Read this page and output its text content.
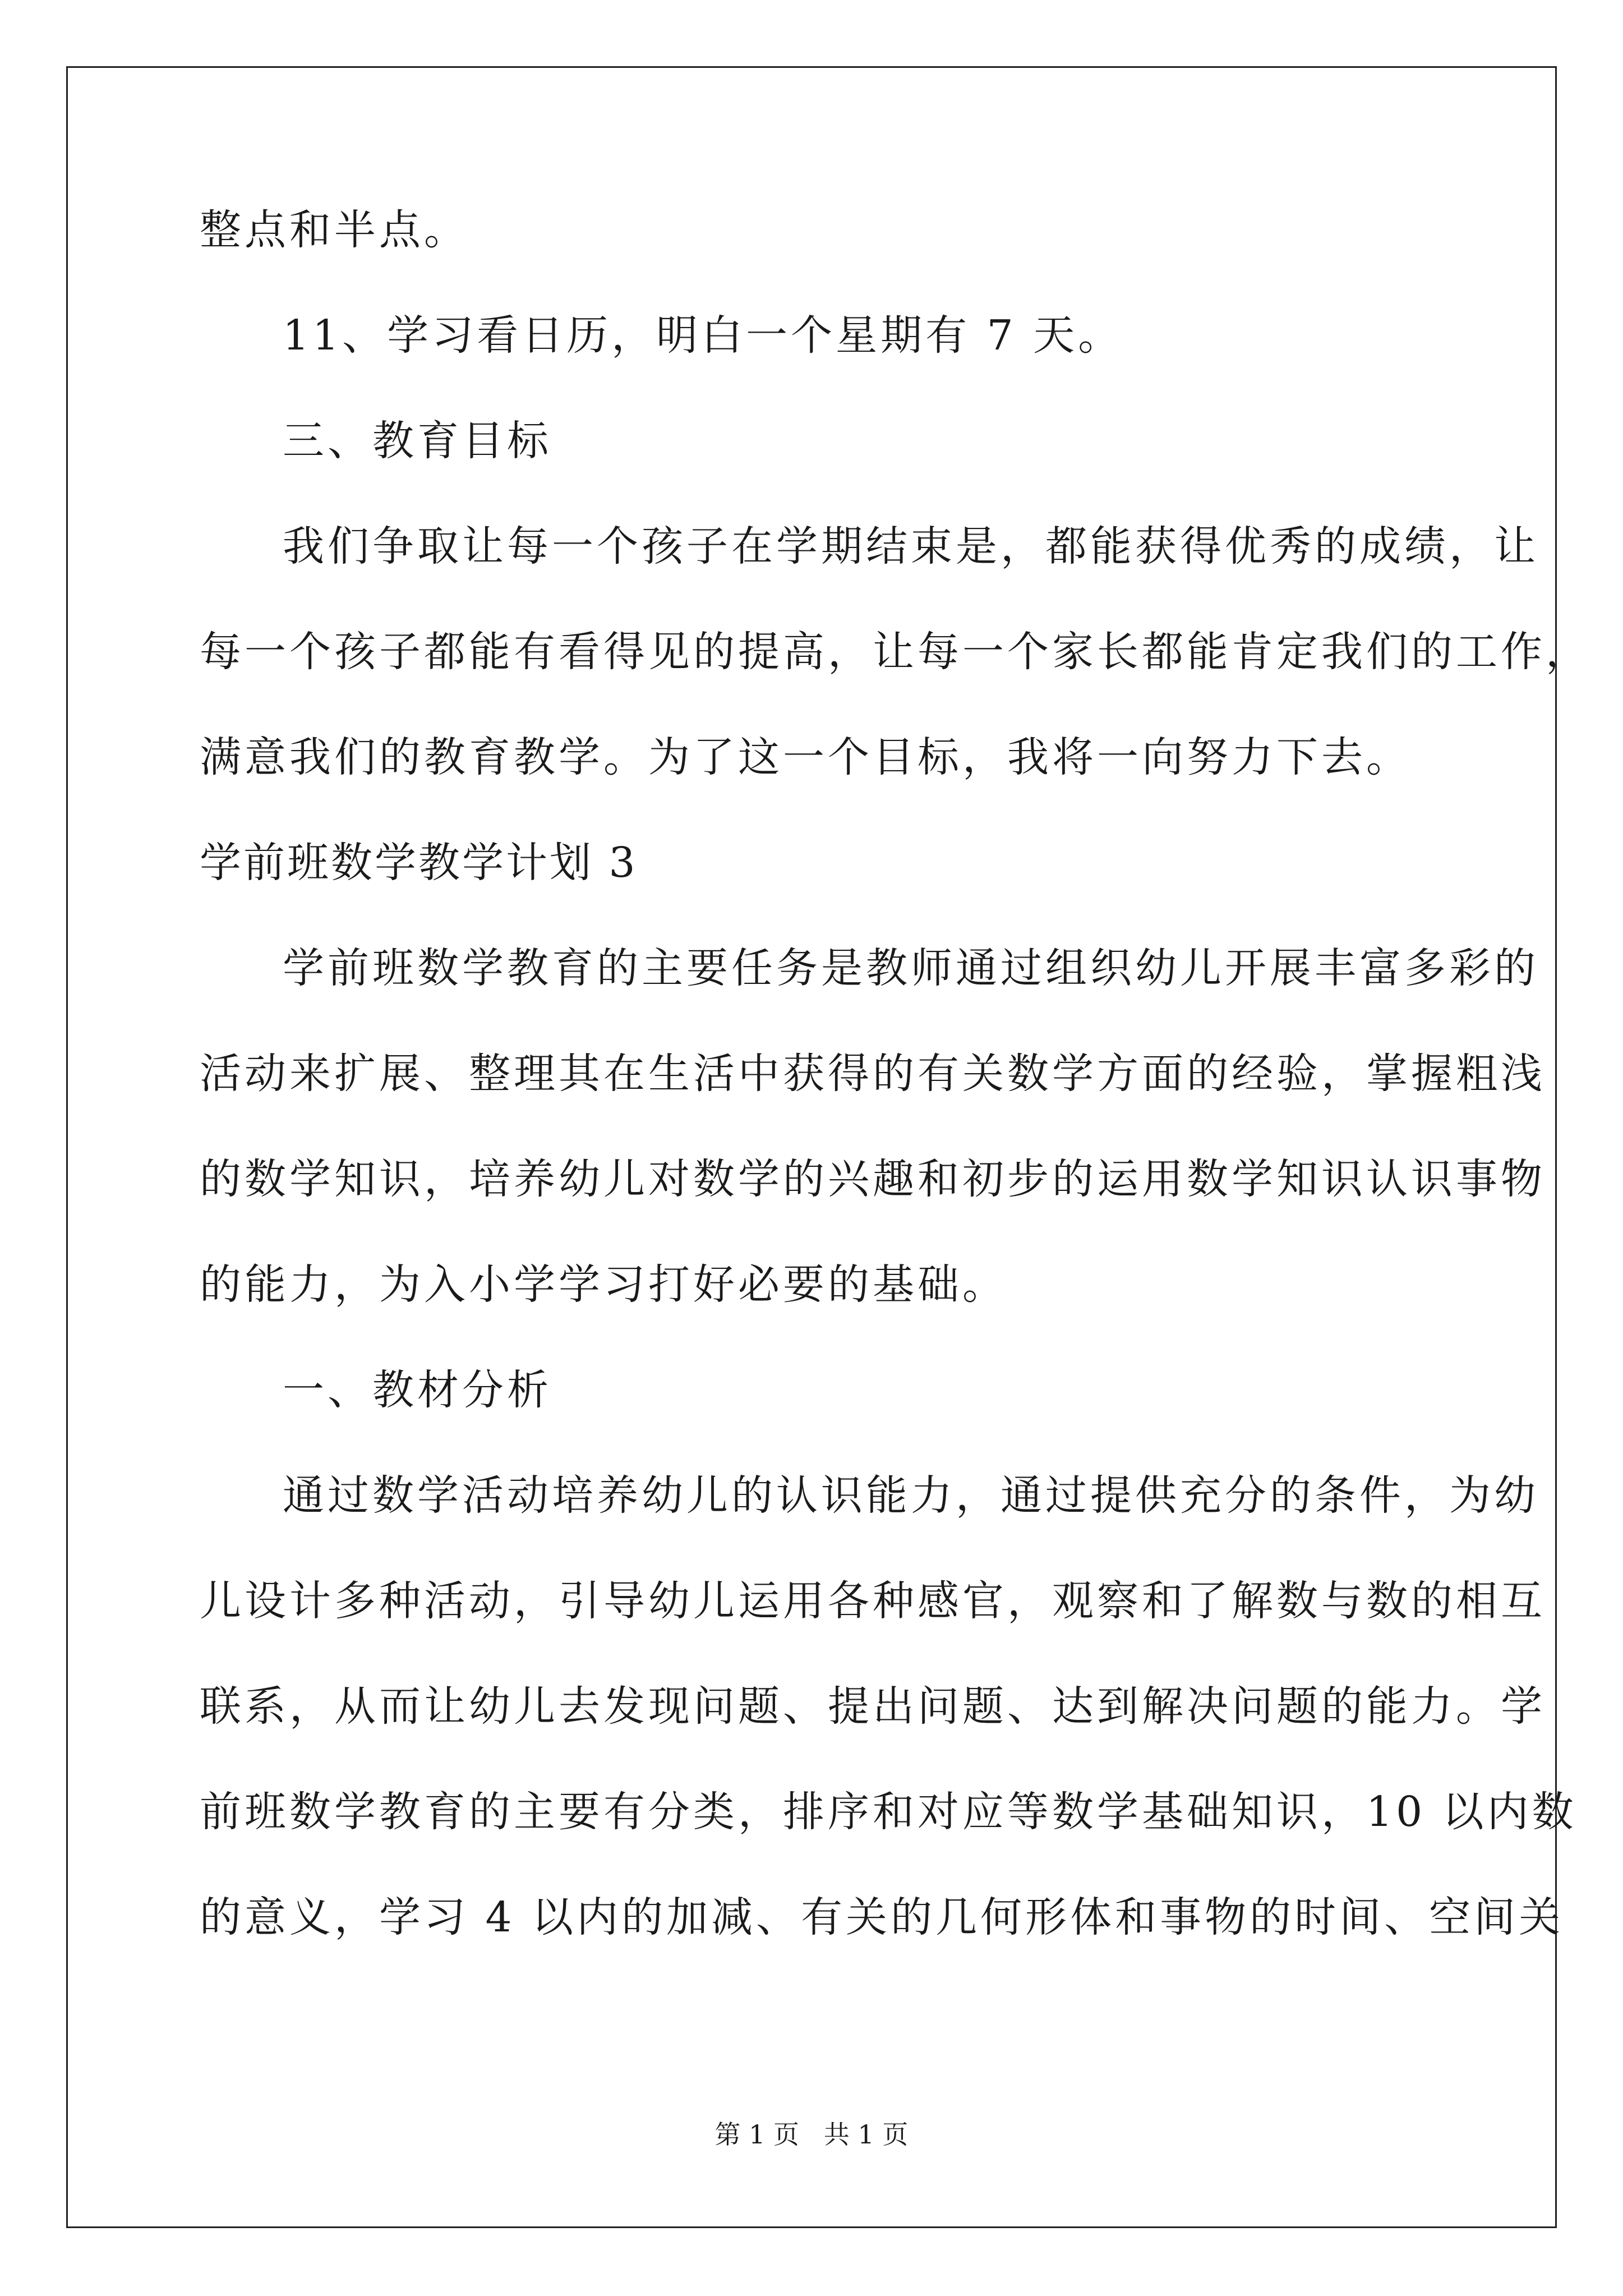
整点和半点。
11、学习看日历，明白一个星期有 7 天。
三、教育目标
我们争取让每一个孩子在学期结束是，都能获得优秀的成绩，让
每一个孩子都能有看得见的提高，让每一个家长都能肯定我们的工作，
满意我们的教育教学。为了这一个目标，我将一向努力下去。
学前班数学教学计划 3
学前班数学教育的主要任务是教师通过组织幼儿开展丰富多彩的
活动来扩展、整理其在生活中获得的有关数学方面的经验，掌握粗浅
的数学知识，培养幼儿对数学的兴趣和初步的运用数学知识认识事物
的能力，为入小学学习打好必要的基础。
一、教材分析
通过数学活动培养幼儿的认识能力，通过提供充分的条件，为幼
儿设计多种活动，引导幼儿运用各种感官，观察和了解数与数的相互
联系，从而让幼儿去发现问题、提出问题、达到解决问题的能力。学
前班数学教育的主要有分类，排序和对应等数学基础知识，10 以内数
的意义，学习 4 以内的加减、有关的几何形体和事物的时间、空间关
第 1 页   共 1 页
